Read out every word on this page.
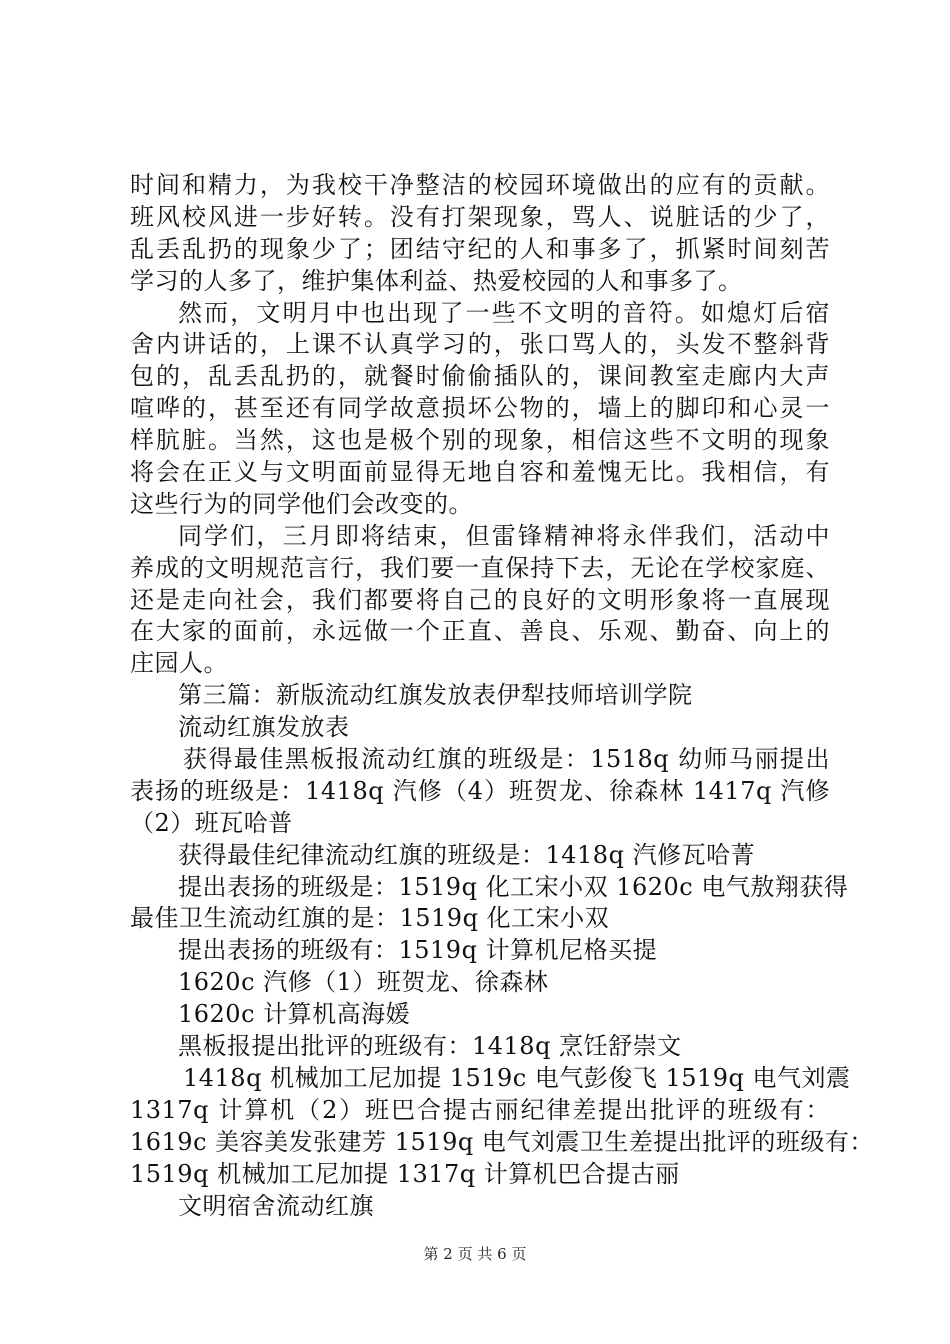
时间和精力，为我校干净整洁的校园环境做出的应有的贡献。
班风校风进一步好转。没有打架现象，骂人、说脏话的少了，
乱丢乱扔的现象少了；团结守纪的人和事多了，抓紧时间刻苦
学习的人多了，维护集体利益、热爱校园的人和事多了。
然而，文明月中也出现了一些不文明的音符。如熄灯后宿
舍内讲话的，上课不认真学习的，张口骂人的，头发不整斜背
包的，乱丢乱扔的，就餐时偷偷插队的，课间教室走廊内大声
喧哗的，甚至还有同学故意损坏公物的，墙上的脚印和心灵一
样肮脏。当然，这也是极个别的现象，相信这些不文明的现象
将会在正义与文明面前显得无地自容和羞愧无比。我相信，有
这些行为的同学他们会改变的。
同学们，三月即将结束，但雷锋精神将永伴我们，活动中
养成的文明规范言行，我们要一直保持下去，无论在学校家庭、
还是走向社会，我们都要将自己的良好的文明形象将一直展现
在大家的面前，永远做一个正直、善良、乐观、勤奋、向上的
庄园人。
第三篇：新版流动红旗发放表伊犁技师培训学院
流动红旗发放表
获得最佳黑板报流动红旗的班级是：1518q 幼师马丽提出
表扬的班级是：1418q 汽修（4）班贺龙、徐森林 1417q 汽修
（2）班瓦哈普
获得最佳纪律流动红旗的班级是：1418q 汽修瓦哈菁
提出表扬的班级是：1519q 化工宋小双 1620c 电气敖翔获得
最佳卫生流动红旗的是：1519q 化工宋小双
提出表扬的班级有：1519q 计算机尼格买提
1620c 汽修（1）班贺龙、徐森林
1620c 计算机高海媛
黑板报提出批评的班级有：1418q 烹饪舒崇文
1418q 机械加工尼加提 1519c 电气彭俊飞 1519q 电气刘震
1317q 计算机（2）班巴合提古丽纪律差提出批评的班级有：
1619c 美容美发张建芳 1519q 电气刘震卫生差提出批评的班级有：
1519q 机械加工尼加提 1317q 计算机巴合提古丽
文明宿舍流动红旗
第 2 页 共 6 页
